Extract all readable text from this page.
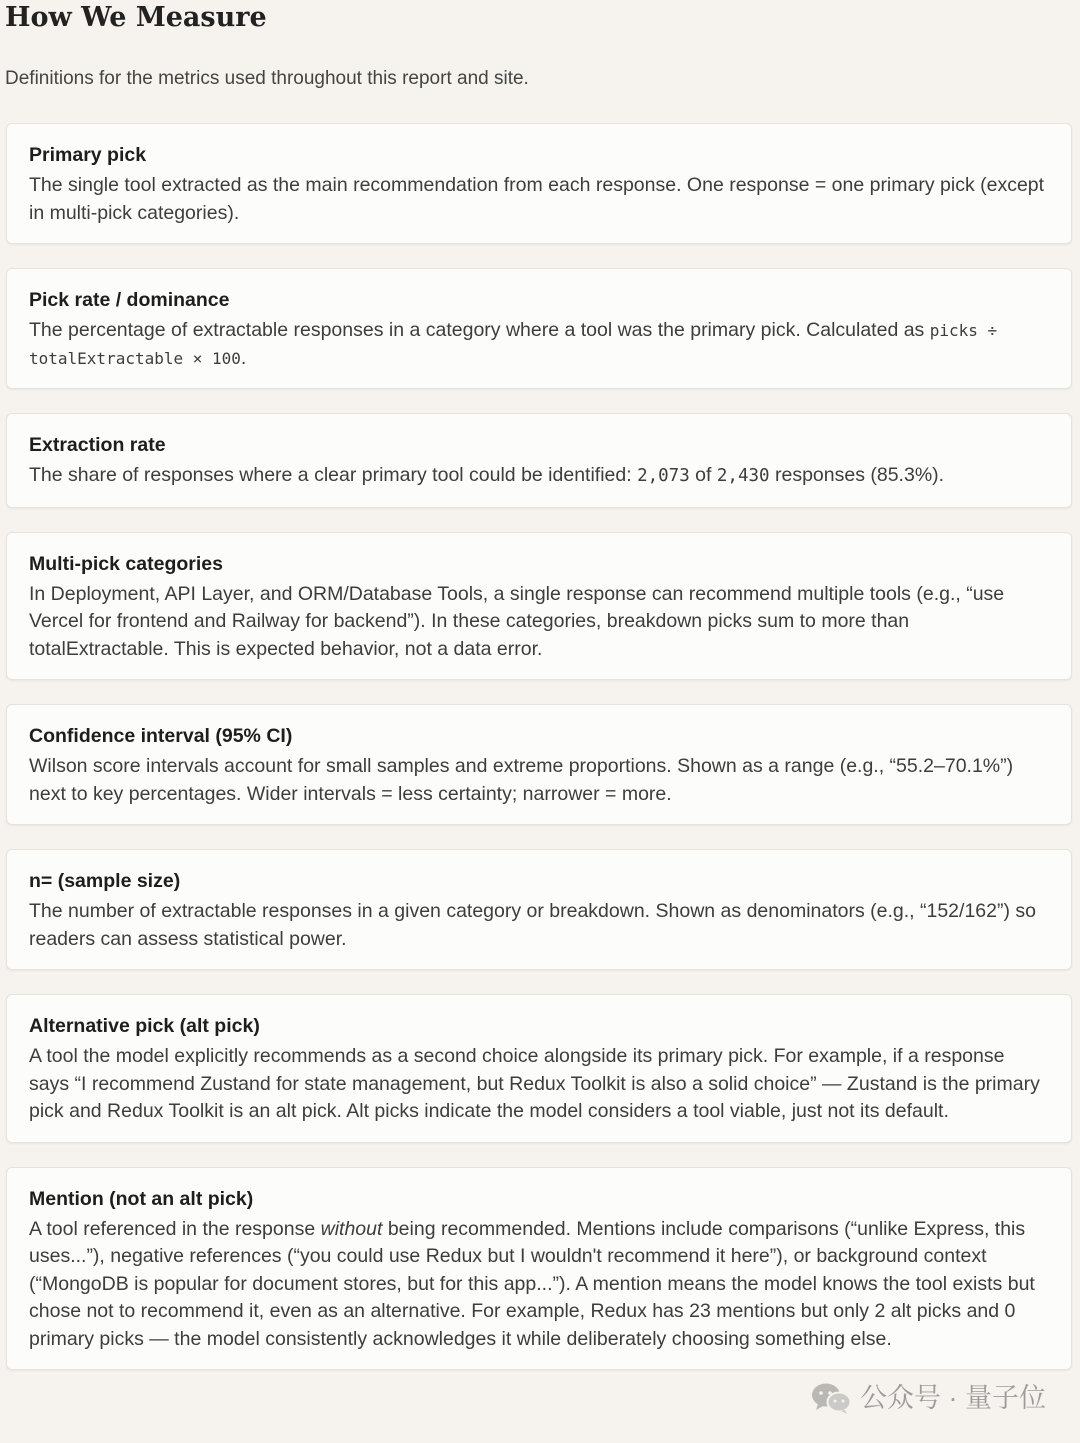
How We Measure

Definitions for the metrics used throughout this report and site.

Primary pick

The single tool extracted as the main recommendation from each response. One response = one primary pick (except in multi-pick categories).

Pick rate / dominance

The percentage of extractable responses in a category where a tool was the primary pick. Calculated as picks ÷ totalExtractable × 100.

Extraction rate

The share of responses where a clear primary tool could be identified: 2,073 of 2,430 responses (85.3%).

Multi-pick categories

In Deployment, API Layer, and ORM/Database Tools, a single response can recommend multiple tools (e.g., “use Vercel for frontend and Railway for backend”). In these categories, breakdown picks sum to more than totalExtractable. This is expected behavior, not a data error.

Confidence interval (95% CI)

Wilson score intervals account for small samples and extreme proportions. Shown as a range (e.g., “55.2–70.1%”) next to key percentages. Wider intervals = less certainty; narrower = more.

n= (sample size)

The number of extractable responses in a given category or breakdown. Shown as denominators (e.g., “152/162”) so readers can assess statistical power.

Alternative pick (alt pick)

A tool the model explicitly recommends as a second choice alongside its primary pick. For example, if a response says “I recommend Zustand for state management, but Redux Toolkit is also a solid choice” — Zustand is the primary pick and Redux Toolkit is an alt pick. Alt picks indicate the model considers a tool viable, just not its default.

Mention (not an alt pick)

A tool referenced in the response without being recommended. Mentions include comparisons (“unlike Express, this uses...”), negative references (“you could use Redux but I wouldn't recommend it here”), or background context (“MongoDB is popular for document stores, but for this app...”). A mention means the model knows the tool exists but chose not to recommend it, even as an alternative. For example, Redux has 23 mentions but only 2 alt picks and 0 primary picks — the model consistently acknowledges it while deliberately choosing something else.

公众号 · 量子位
